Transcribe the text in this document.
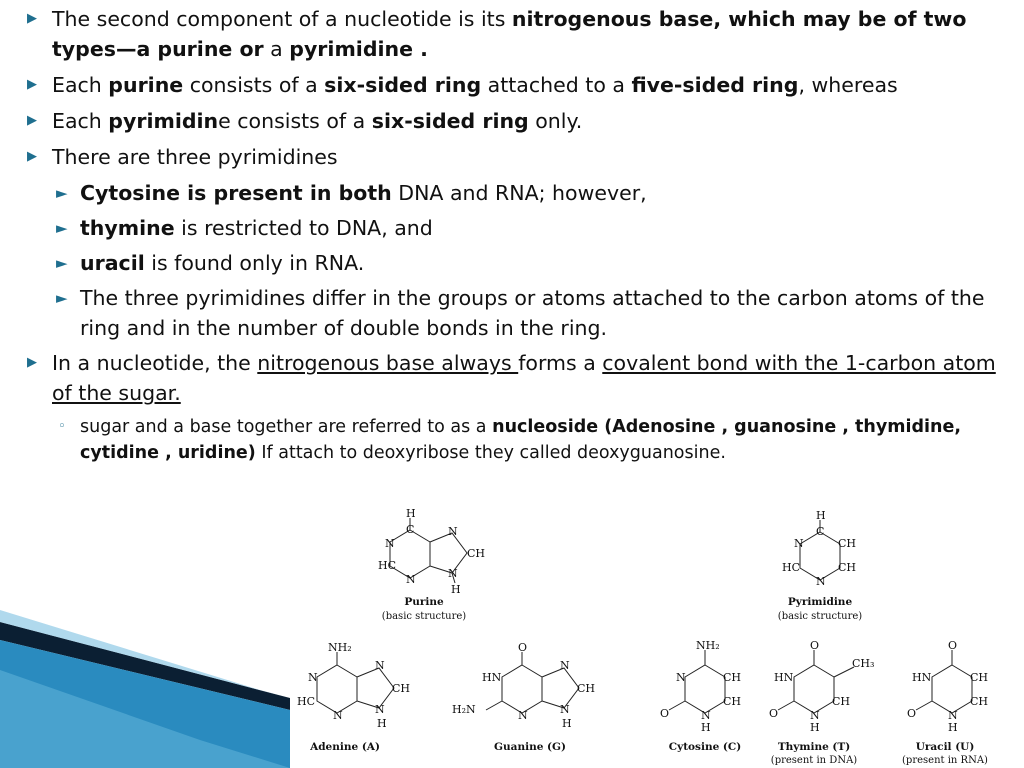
▶ The second component of a nucleotide is its nitrogenous base, which may be of two types—a purine or a pyrimidine .
▶ Each purine consists of a six-sided ring attached to a five-sided ring, whereas
▶ Each pyrimidine consists of a six-sided ring only.
▶ There are three pyrimidines
► Cytosine is present in both DNA and RNA; however,
► thymine is restricted to DNA, and
► uracil is found only in RNA.
► The three pyrimidines differ in the groups or atoms attached to the carbon atoms of the ring and in the number of double bonds in the ring.
▶ In a nucleotide, the nitrogenous base always forms a covalent bond with the 1-carbon atom of the sugar.
◦ sugar and a base together are referred to as a nucleoside (Adenosine , guanosine , thymidine, cytidine , uridine) If attach to deoxyribose they called deoxyguanosine.
H
C
N
HC
N
N
CH
N
H
H
C
N	CH
HC	CH
N
NH₂
N
HC
N
N
CH
N
H
O
HN
H₂N	N
N
CH
N
H
NH₂
N	CH
CH
O	N
H
O
HN
CH₃
CH
O	N
H
O
HN	CH
CH
O	N
H
Purine	Pyrimidine
Adenine (A)	Guanine (G)	Cytosine (C)	Thymine (T)	Uracil (U)
(basic structure)	(basic structure)
(present in DNA)	(present in RNA)
